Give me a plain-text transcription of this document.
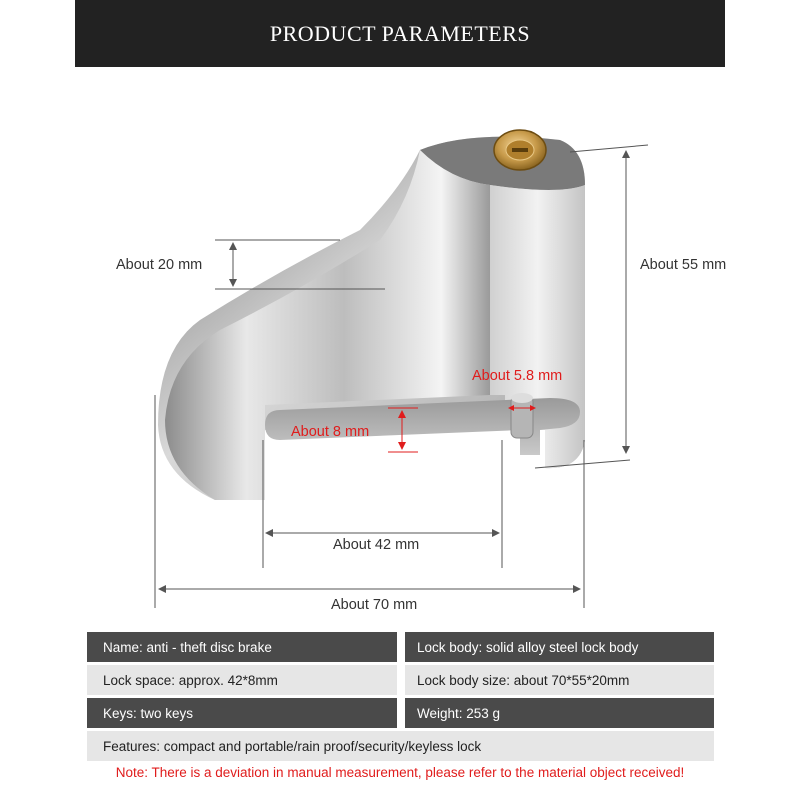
PRODUCT PARAMETERS
About 20 mm	About 55 mm
About 5.8 mm
About 8 mm
About 42 mm
About 70 mm
Name: anti - theft disc brake	Lock body: solid alloy steel lock body
Lock space: approx. 42*8mm	Lock body size: about 70*55*20mm
Keys: two keys	Weight: 253 g
Features: compact and portable/rain proof/security/keyless lock
Note: There is a deviation in manual measurement, please refer to the material object received!
